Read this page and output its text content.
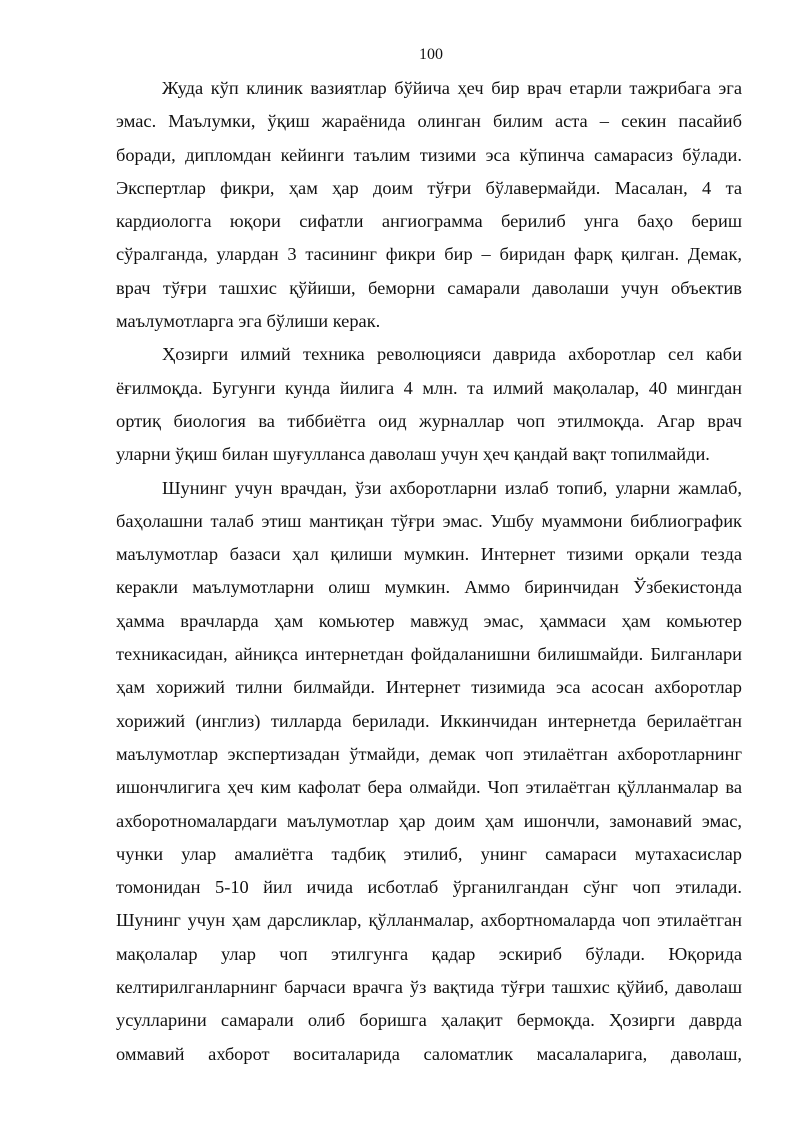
100
Жуда кўп клиник вазиятлар бўйича ҳеч бир врач етарли тажрибага эга
эмас. Маълумки, ўқиш жараёнида олинган билим аста – секин пасайиб
боради, дипломдан кейинги таълим тизими эса кўпинча самарасиз бўлади.
Экспертлар фикри, ҳам ҳар доим тўғри бўлавермайди. Масалан, 4 та
кардиологга юқори сифатли ангиограмма берилиб унга баҳо бериш
сўралганда, улардан 3 тасининг фикри бир – биридан фарқ қилган. Демак,
врач тўғри ташхис қўйиши, беморни самарали даволаши учун объектив
маълумотларга эга бўлиши керак.
Ҳозирги илмий техника революцияси даврида ахборотлар сел каби
ёғилмоқда. Бугунги кунда йилига 4 млн. та илмий мақолалар, 40 мингдан
ортиқ биология ва тиббиётга оид журналлар чоп этилмоқда. Агар врач
уларни ўқиш билан шуғулланса даволаш учун ҳеч қандай вақт топилмайди.
Шунинг учун врачдан, ўзи ахборотларни излаб топиб, уларни жамлаб,
баҳолашни талаб этиш мантиқан тўғри эмас. Ушбу муаммони библиографик
маълумотлар базаси ҳал қилиши мумкин. Интернет тизими орқали тезда
керакли маълумотларни олиш мумкин. Аммо биринчидан Ўзбекистонда
ҳамма врачларда ҳам комьютер мавжуд эмас, ҳаммаси ҳам комьютер
техникасидан, айниқса интернетдан фойдаланишни билишмайди. Билганлари
ҳам хорижий тилни билмайди. Интернет тизимида эса асосан ахборотлар
хорижий (инглиз) тилларда берилади. Иккинчидан интернетда берилаётган
маълумотлар экспертизадан ўтмайди, демак чоп этилаётган ахборотларнинг
ишончлигига ҳеч ким кафолат бера олмайди. Чоп этилаётган қўлланмалар ва
ахборотномалардаги маълумотлар ҳар доим ҳам ишончли, замонавий эмас,
чунки улар амалиётга тадбиқ этилиб, унинг самараси мутахасислар
томонидан 5-10 йил ичида исботлаб ўрганилгандан сўнг чоп этилади.
Шунинг учун ҳам дарсликлар, қўлланмалар, ахбортномаларда чоп этилаётган
мақолалар улар чоп этилгунга қадар эскириб бўлади. Юқорида
келтирилганларнинг барчаси врачга ўз вақтида тўғри ташхис қўйиб, даволаш
усулларини самарали олиб боришга ҳалақит бермоқда. Ҳозирги даврда
оммавий ахборот воситаларида саломатлик масалаларига, даволаш,
